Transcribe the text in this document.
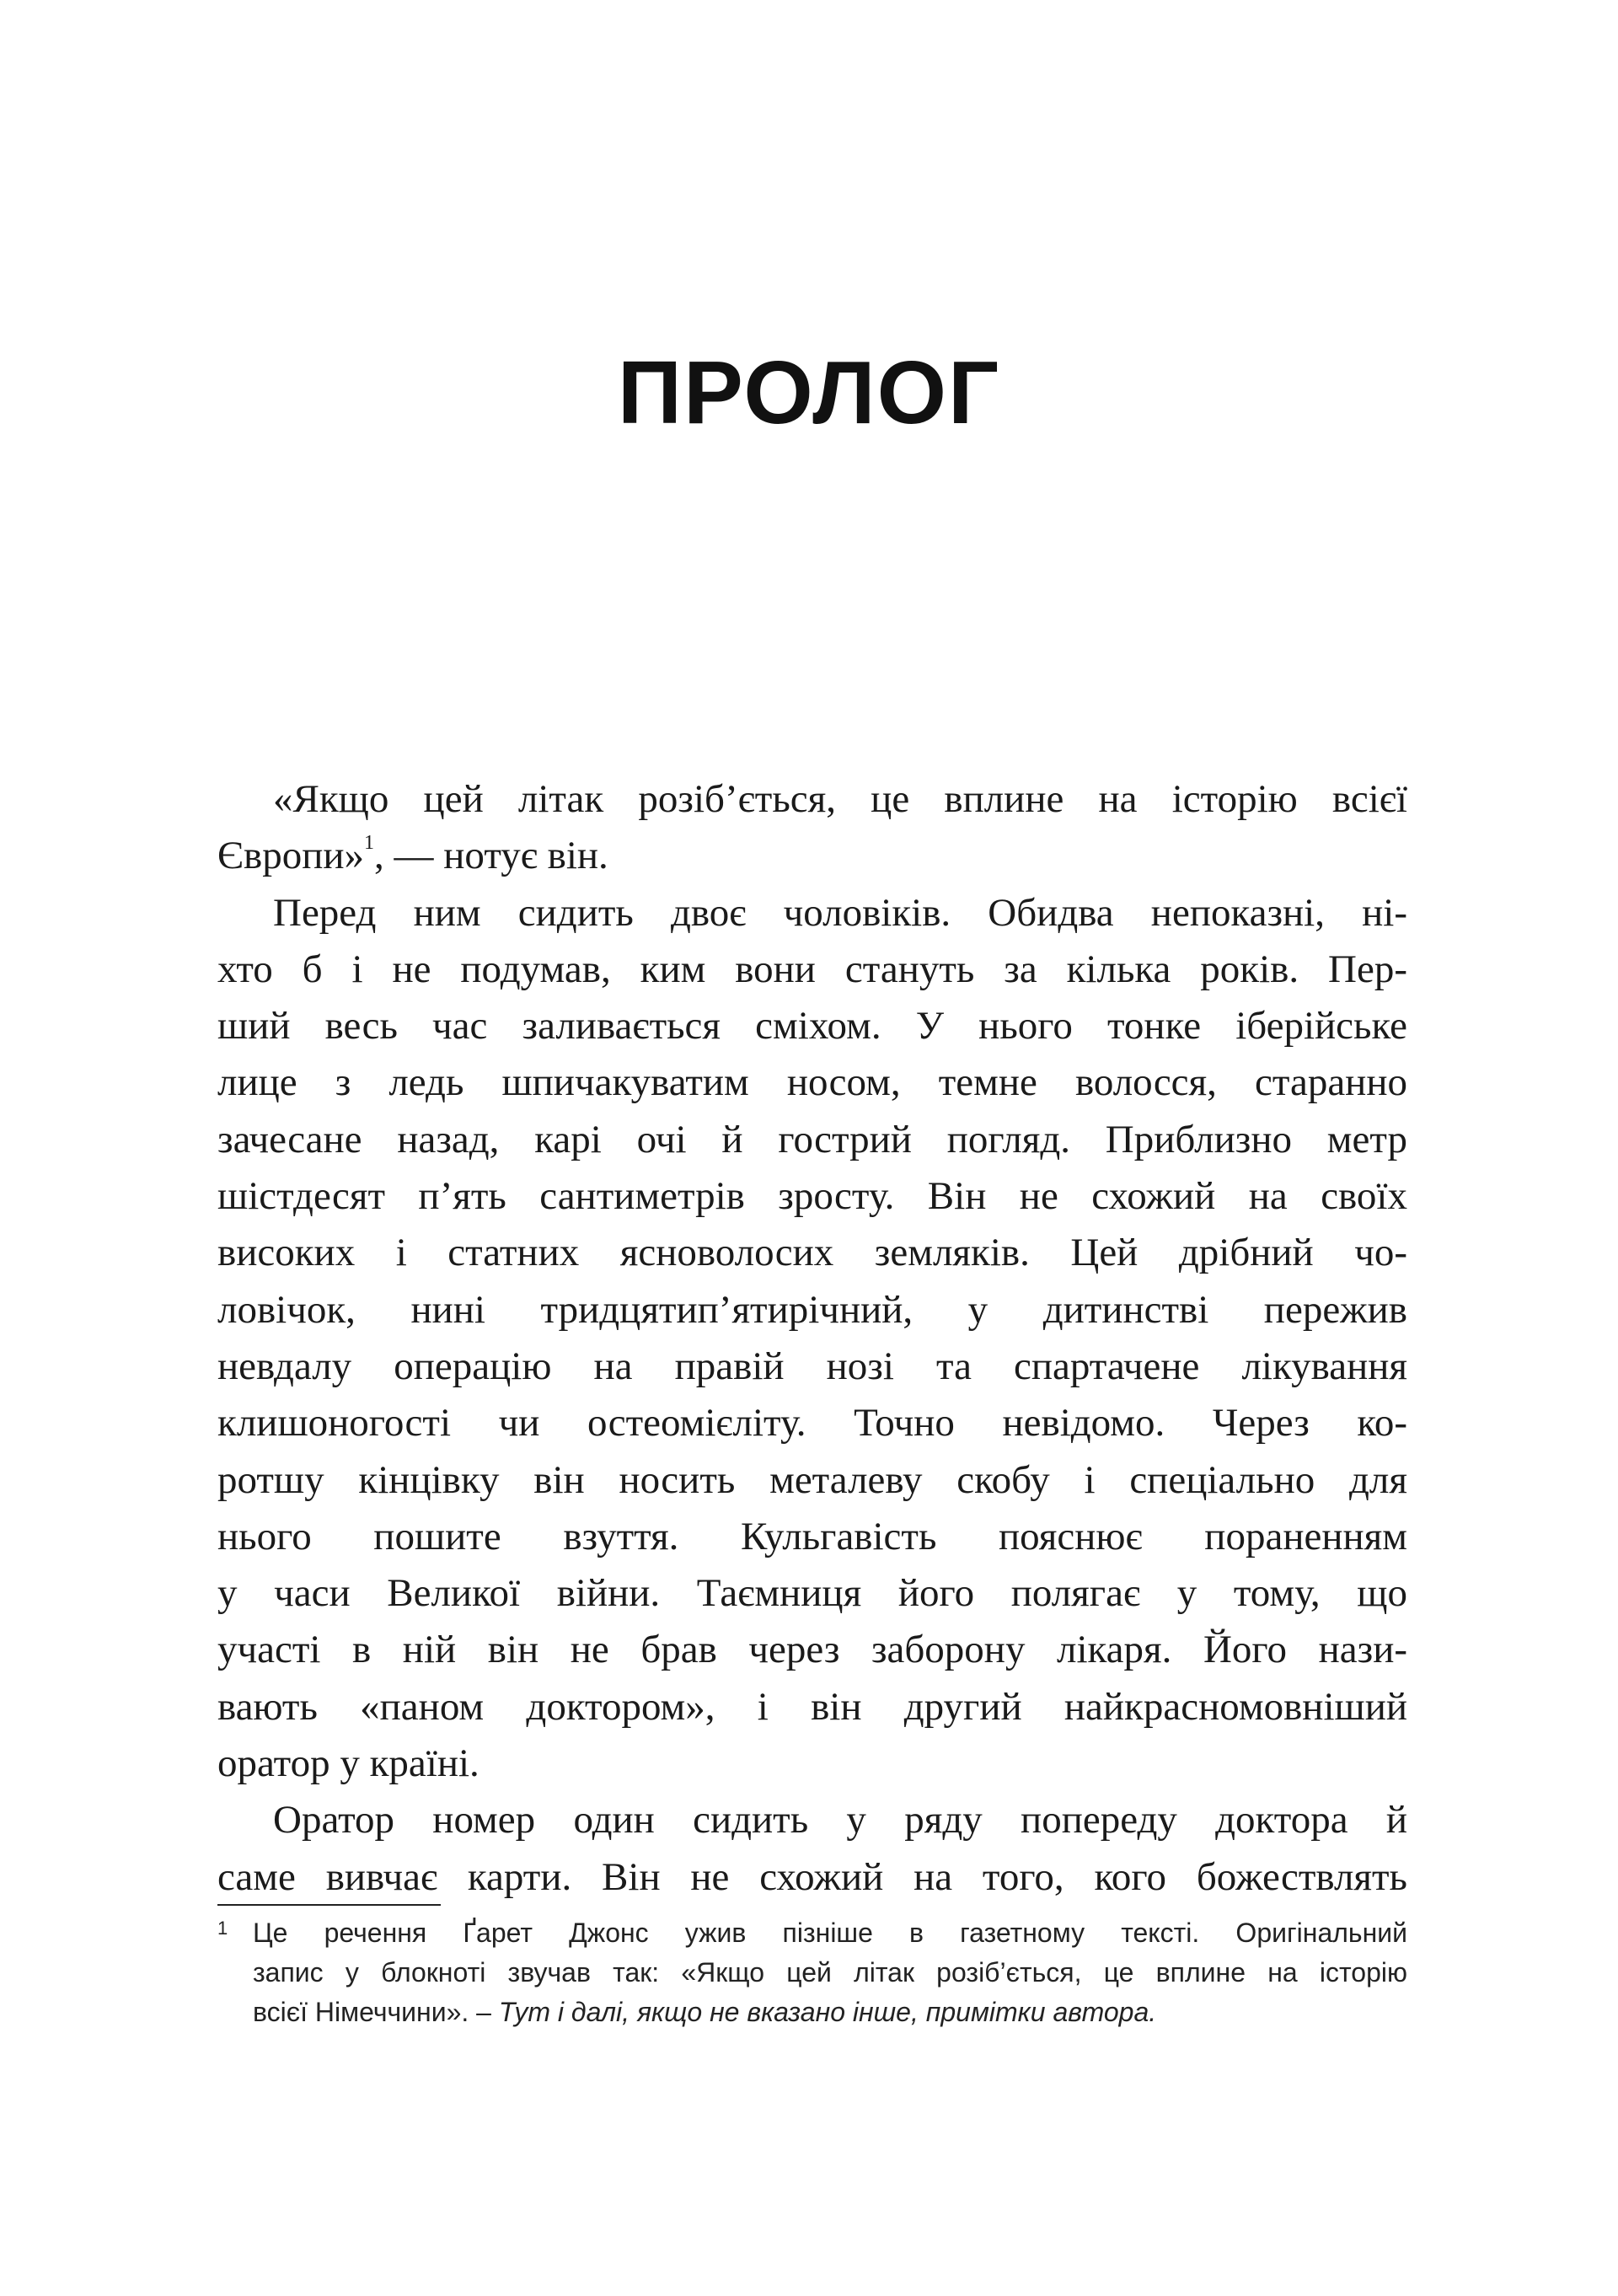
ПРОЛОГ
«Якщо цей літак розіб’ється, це вплине на історію всієї
Європи»$^1$, — нотує він.
Перед ним сидить двоє чоловіків. Обидва непоказні, ні-
хто б і не подумав, ким вони стануть за кілька років. Пер-
ший весь час заливається сміхом. У нього тонке іберійське
лице з ледь шпичакуватим носом, темне волосся, старанно
зачесане назад, карі очі й гострий погляд. Приблизно метр
шістдесят п’ять сантиметрів зросту. Він не схожий на своїх
високих і статних ясноволосих земляків. Цей дрібний чо-
ловічок, нині тридцятип’ятирічний, у дитинстві пережив
невдалу операцію на правій нозі та спартачене лікування
клишоногості чи остеомієліту. Точно невідомо. Через ко-
ротшу кінцівку він носить металеву скобу і спеціально для
нього пошите взуття. Кульгавість пояснює пораненням
у часи Великої війни. Таємниця його полягає у тому, що
участі в ній він не брав через заборону лікаря. Його нази-
вають «паном доктором», і він другий найкрасномовніший
оратор у країні.
Оратор номер один сидить у ряду попереду доктора й
саме вивчає карти. Він не схожий на того, кого божествлять
1 Це речення Ґарет Джонс ужив пізніше в газетному тексті. Оригінальний
запис у блокноті звучав так: «Якщо цей літак розіб’ється, це вплине на історію
всієї Німеччини». – Тут і далі, якщо не вказано інше, примітки автора.
